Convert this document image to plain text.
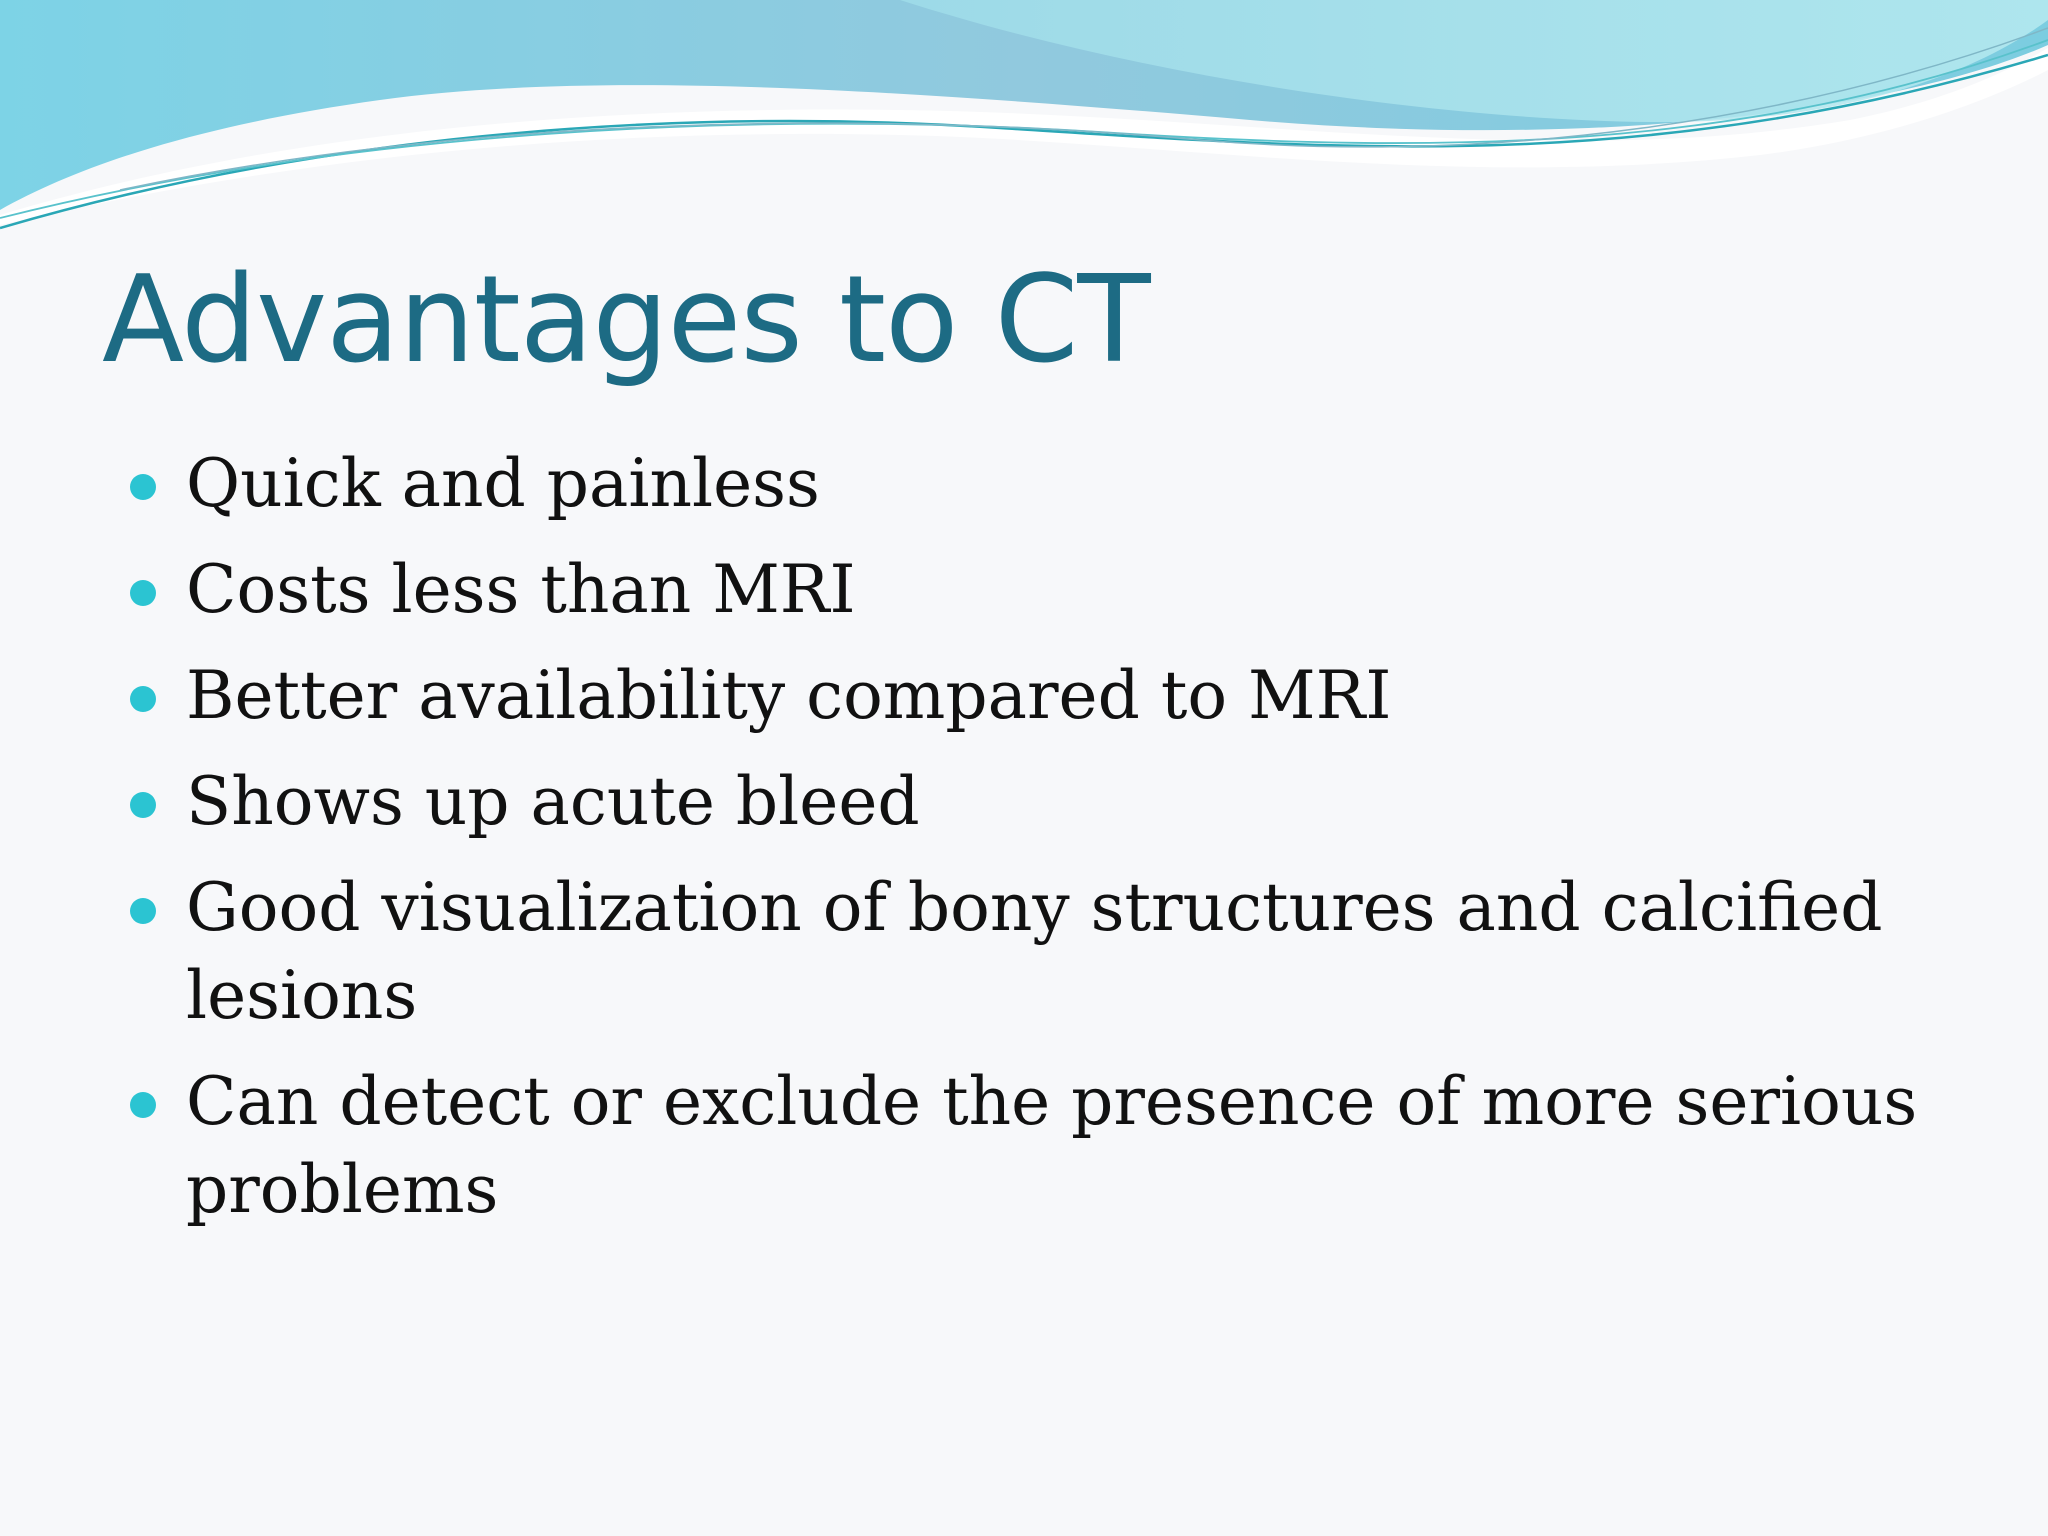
Advantages to CT
Quick and painless
Costs less than MRI
Better availability compared to MRI
Shows up acute bleed
Good visualization of bony structures and calcified lesions
Can detect or exclude the presence of more serious problems
